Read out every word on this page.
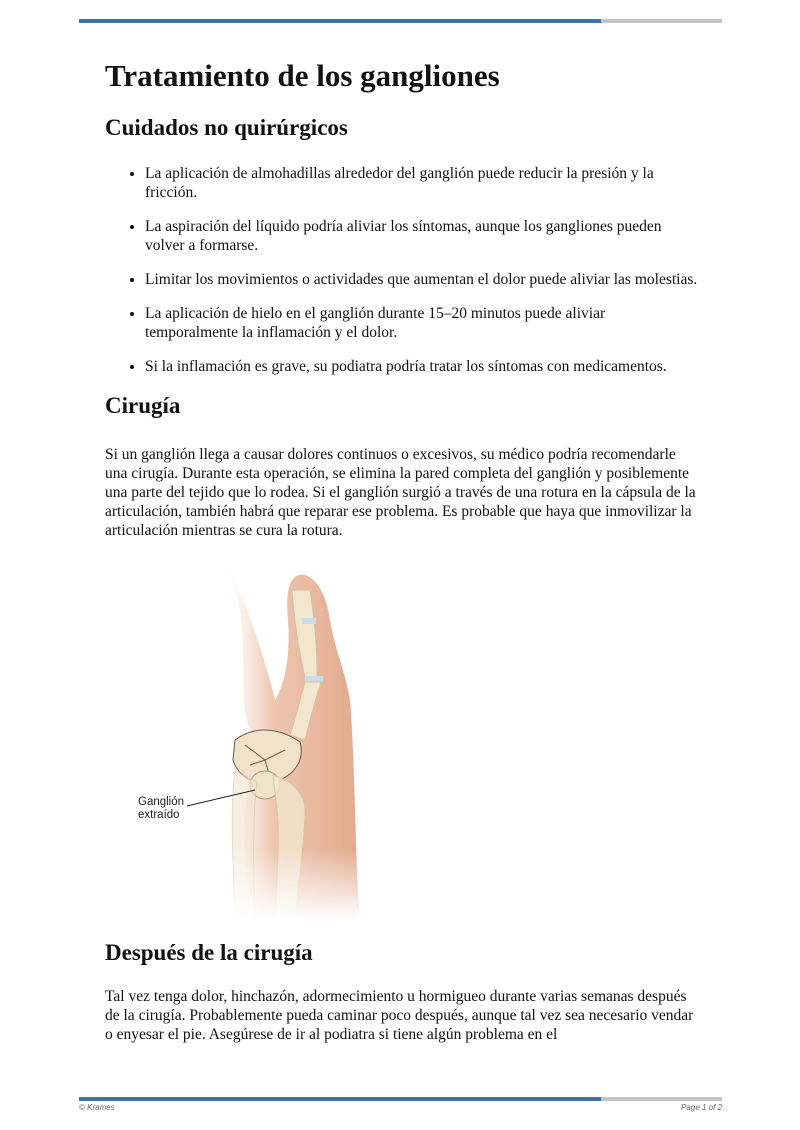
Tratamiento de los gangliones
Cuidados no quirúrgicos
• La aplicación de almohadillas alrededor del ganglión puede reducir la presión y la fricción.
• La aspiración del líquido podría aliviar los síntomas, aunque los gangliones pueden volver a formarse.
• Limitar los movimientos o actividades que aumentan el dolor puede aliviar las molestias.
• La aplicación de hielo en el ganglión durante 15–20 minutos puede aliviar temporalmente la inflamación y el dolor.
• Si la inflamación es grave, su podiatra podría tratar los síntomas con medicamentos.
Cirugía

Si un ganglión llega a causar dolores continuos o excesivos, su médico podría recomendarle una cirugía. Durante esta operación, se elimina la pared completa del ganglión y posiblemente una parte del tejido que lo rodea. Si el ganglión surgió a través de una rotura en la cápsula de la articulación, también habrá que reparar ese problema. Es probable que haya que inmovilizar la articulación mientras se cura la rotura.

Ganglión
extraído
Después de la cirugía

Tal vez tenga dolor, hinchazón, adormecimiento u hormigueo durante varias semanas después de la cirugía. Probablemente pueda caminar poco después, aunque tal vez sea necesario vendar o enyesar el pie. Asegúrese de ir al podiatra si tiene algún problema en el

© Krames	Page 1 of 2
